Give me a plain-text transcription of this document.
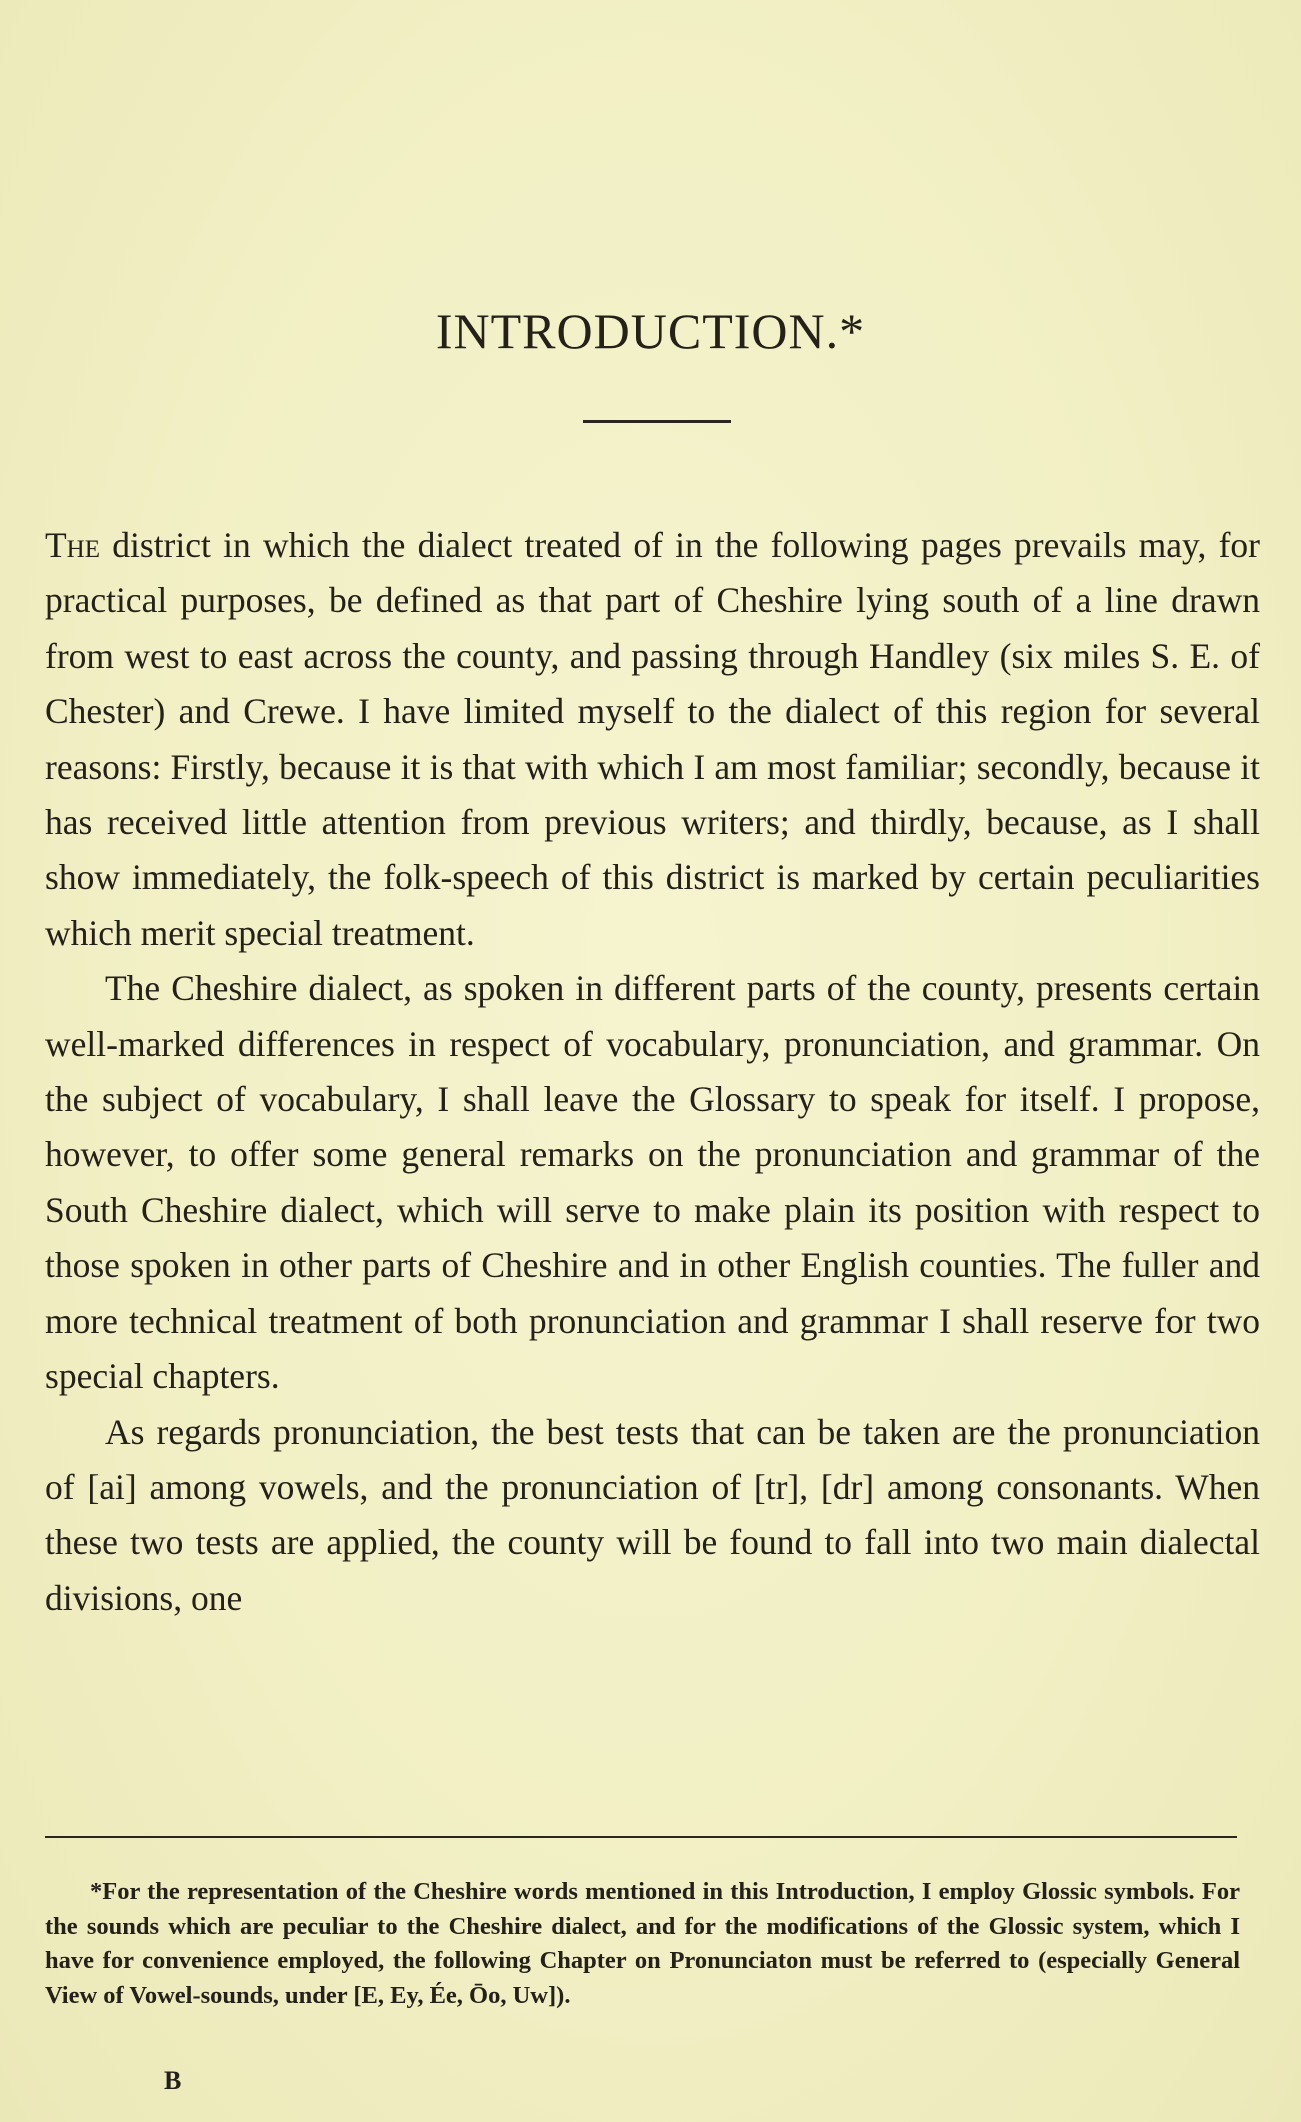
INTRODUCTION.*

The district in which the dialect treated of in the following pages prevails may, for practical purposes, be defined as that part of Cheshire lying south of a line drawn from west to east across the county, and passing through Handley (six miles S. E. of Chester) and Crewe. I have limited myself to the dialect of this region for several reasons: Firstly, because it is that with which I am most familiar; secondly, because it has received little attention from previous writers; and thirdly, because, as I shall show immediately, the folk-speech of this district is marked by certain peculiarities which merit special treatment.

The Cheshire dialect, as spoken in different parts of the county, presents certain well-marked differences in respect of vocabulary, pronunciation, and grammar. On the subject of vocabulary, I shall leave the Glossary to speak for itself. I propose, however, to offer some general remarks on the pronunciation and grammar of the South Cheshire dialect, which will serve to make plain its position with respect to those spoken in other parts of Cheshire and in other English counties. The fuller and more technical treatment of both pronunciation and grammar I shall reserve for two special chapters.

As regards pronunciation, the best tests that can be taken are the pronunciation of [ai] among vowels, and the pronunciation of [tr], [dr] among consonants. When these two tests are applied, the county will be found to fall into two main dialectal divisions, one

*For the representation of the Cheshire words mentioned in this Introduction, I employ Glossic symbols. For the sounds which are peculiar to the Cheshire dialect, and for the modifications of the Glossic system, which I have for convenience employed, the following Chapter on Pronunciaton must be referred to (especially General View of Vowel-sounds, under [E, Ey, Ée, Ōo, Uw]).

B
